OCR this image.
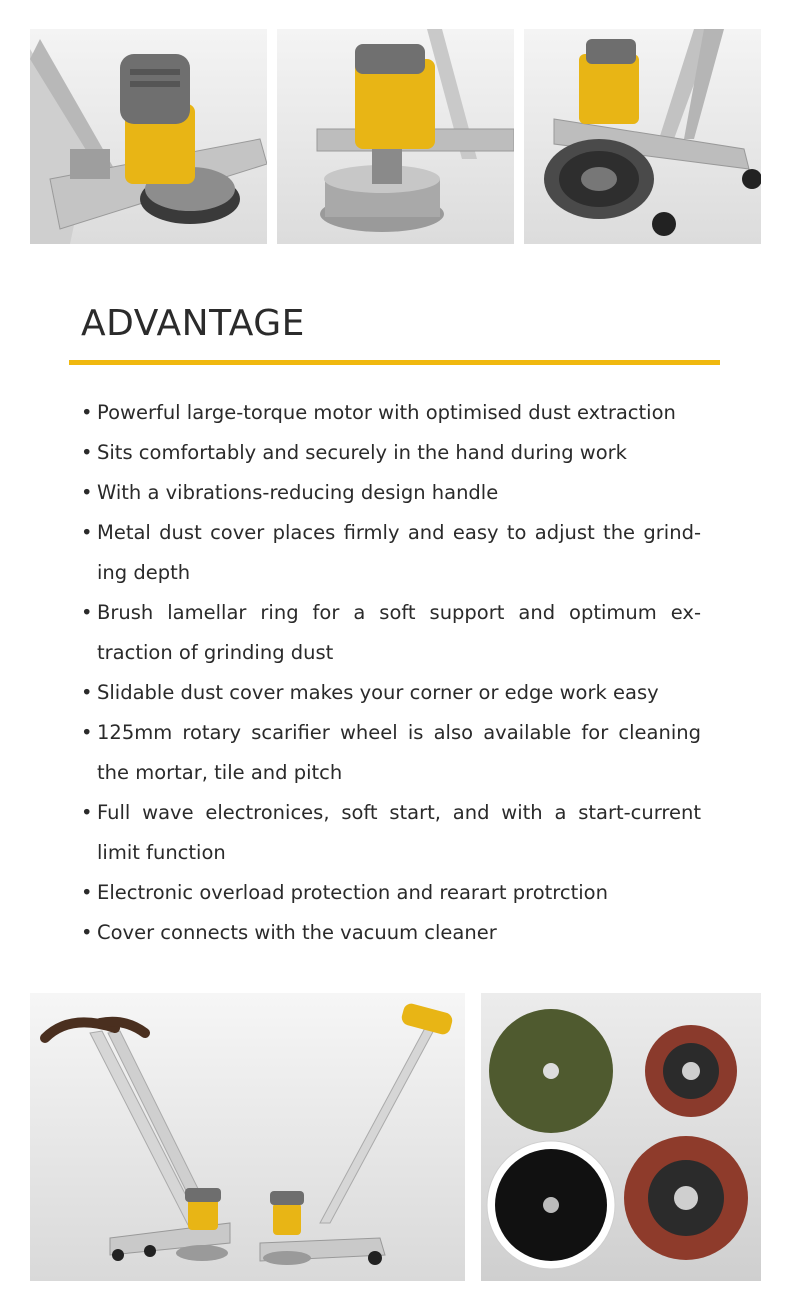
ADVANTAGE
• Powerful large-torque motor with optimised dust extraction
• Sits comfortably and securely in the hand during work
• With a vibrations-reducing design handle
• Metal dust cover places firmly and easy to adjust the grind-ing depth
• Brush lamellar ring for a soft support and optimum ex-traction of grinding dust
• Slidable dust cover makes your corner or edge work easy
• 125mm rotary scarifier wheel is also available for cleaning the mortar, tile and pitch
• Full wave electronices, soft start, and with a start-current limit function
• Electronic overload protection and rearart protrction
• Cover connects with the vacuum cleaner
